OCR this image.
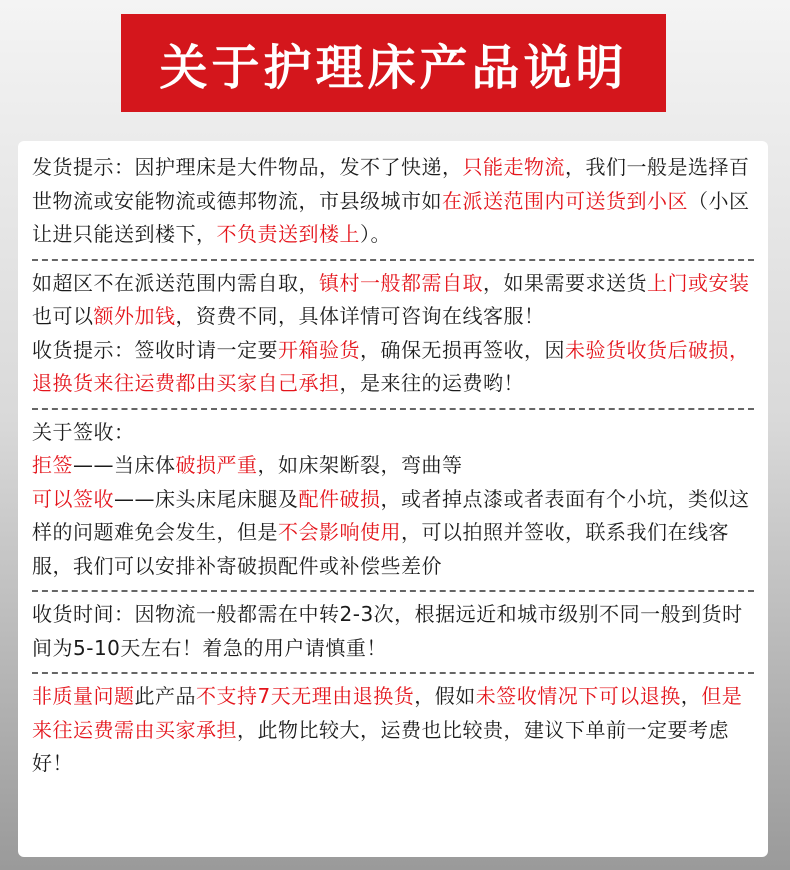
关于护理床产品说明

发货提示：因护理床是大件物品，发不了快递，只能走物流，我们一般是选择百世物流或安能物流或德邦物流，市县级城市如在派送范围内可送货到小区（小区让进只能送到楼下，不负责送到楼上）。

如超区不在派送范围内需自取，镇村一般都需自取，如果需要求送货上门或安装也可以额外加钱，资费不同，具体详情可咨询在线客服！

收货提示：签收时请一定要开箱验货，确保无损再签收，因未验货收货后破损，退换货来往运费都由买家自己承担，是来往的运费哟！

关于签收：

拒签——当床体破损严重，如床架断裂，弯曲等

可以签收——床头床尾床腿及配件破损，或者掉点漆或者表面有个小坑，类似这样的问题难免会发生，但是不会影响使用，可以拍照并签收，联系我们在线客服，我们可以安排补寄破损配件或补偿些差价

收货时间：因物流一般都需在中转2-3次，根据远近和城市级别不同一般到货时间为5-10天左右！着急的用户请慎重！

非质量问题此产品不支持7天无理由退换货，假如未签收情况下可以退换，但是来往运费需由买家承担，此物比较大，运费也比较贵，建议下单前一定要考虑好！
